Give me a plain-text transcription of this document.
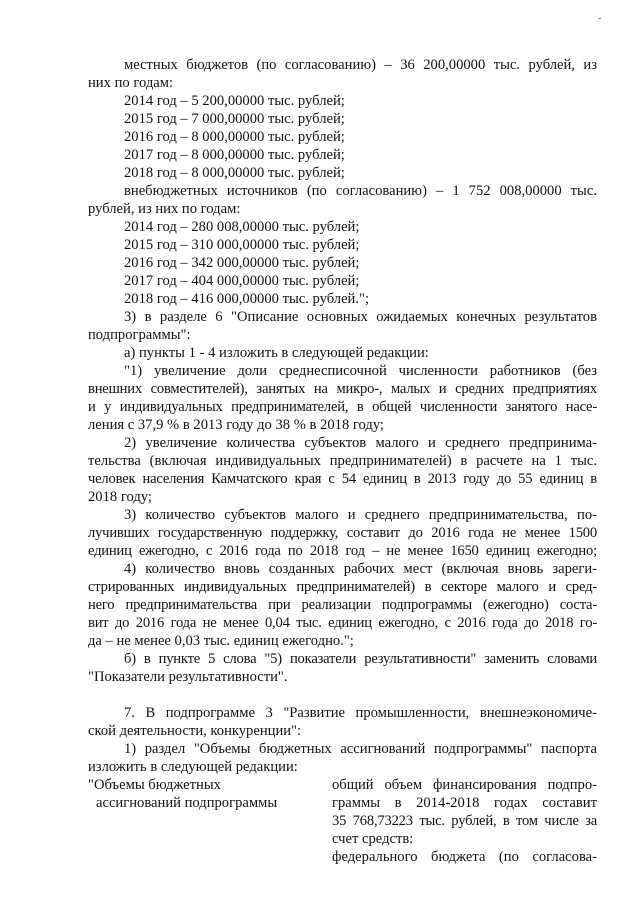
-

местных бюджетов (по согласованию) – 36 200,00000 тыс. рублей, из

них по годам:

2014 год – 5 200,00000 тыс. рублей;

2015 год – 7 000,00000 тыс. рублей;

2016 год – 8 000,00000 тыс. рублей;

2017 год – 8 000,00000 тыс. рублей;

2018 год – 8 000,00000 тыс. рублей;

внебюджетных источников (по согласованию) – 1 752 008,00000 тыс.

рублей, из них по годам:

2014 год – 280 008,00000 тыс. рублей;

2015 год – 310 000,00000 тыс. рублей;

2016 год – 342 000,00000 тыс. рублей;

2017 год – 404 000,00000 тыс. рублей;

2018 год – 416 000,00000 тыс. рублей.";

3) в разделе 6 "Описание основных ожидаемых конечных результатов

подпрограммы":

а) пункты 1 - 4 изложить в следующей редакции:

"1) увеличение доли среднесписочной численности работников (без

внешних совместителей), занятых на микро-, малых и средних предприятиях

и у индивидуальных предпринимателей, в общей численности занятого насе-

ления с 37,9 % в 2013 году до 38 % в 2018 году;

2) увеличение количества субъектов малого и среднего предпринима-

тельства (включая индивидуальных предпринимателей) в расчете на 1 тыс.

человек населения Камчатского края с 54 единиц в 2013 году до 55 единиц в

2018 году;

3) количество субъектов малого и среднего предпринимательства, по-

лучивших государственную поддержку, составит до 2016 года не менее 1500

единиц ежегодно, с 2016 года по 2018 год – не менее 1650 единиц ежегодно;

4) количество вновь созданных рабочих мест (включая вновь зареги-

стрированных индивидуальных предпринимателей) в секторе малого и сред-

него предпринимательства при реализации подпрограммы (ежегодно) соста-

вит до 2016 года не менее 0,04 тыс. единиц ежегодно, с 2016 года до 2018 го-

да – не менее 0,03 тыс. единиц ежегодно.";

б) в пункте 5 слова "5) показатели результативности" заменить словами

"Показатели результативности".

7. В подпрограмме 3 "Развитие промышленности, внешнеэкономиче-

ской деятельности, конкуренции":

1) раздел "Объемы бюджетных ассигнований подпрограммы" паспорта

изложить в следующей редакции:

"Объемы бюджетных

ассигнований подпрограммы

общий объем финансирования подпро-

граммы в 2014-2018 годах составит

35 768,73223 тыс. рублей, в том числе за

счет средств:

федерального бюджета (по согласова-
